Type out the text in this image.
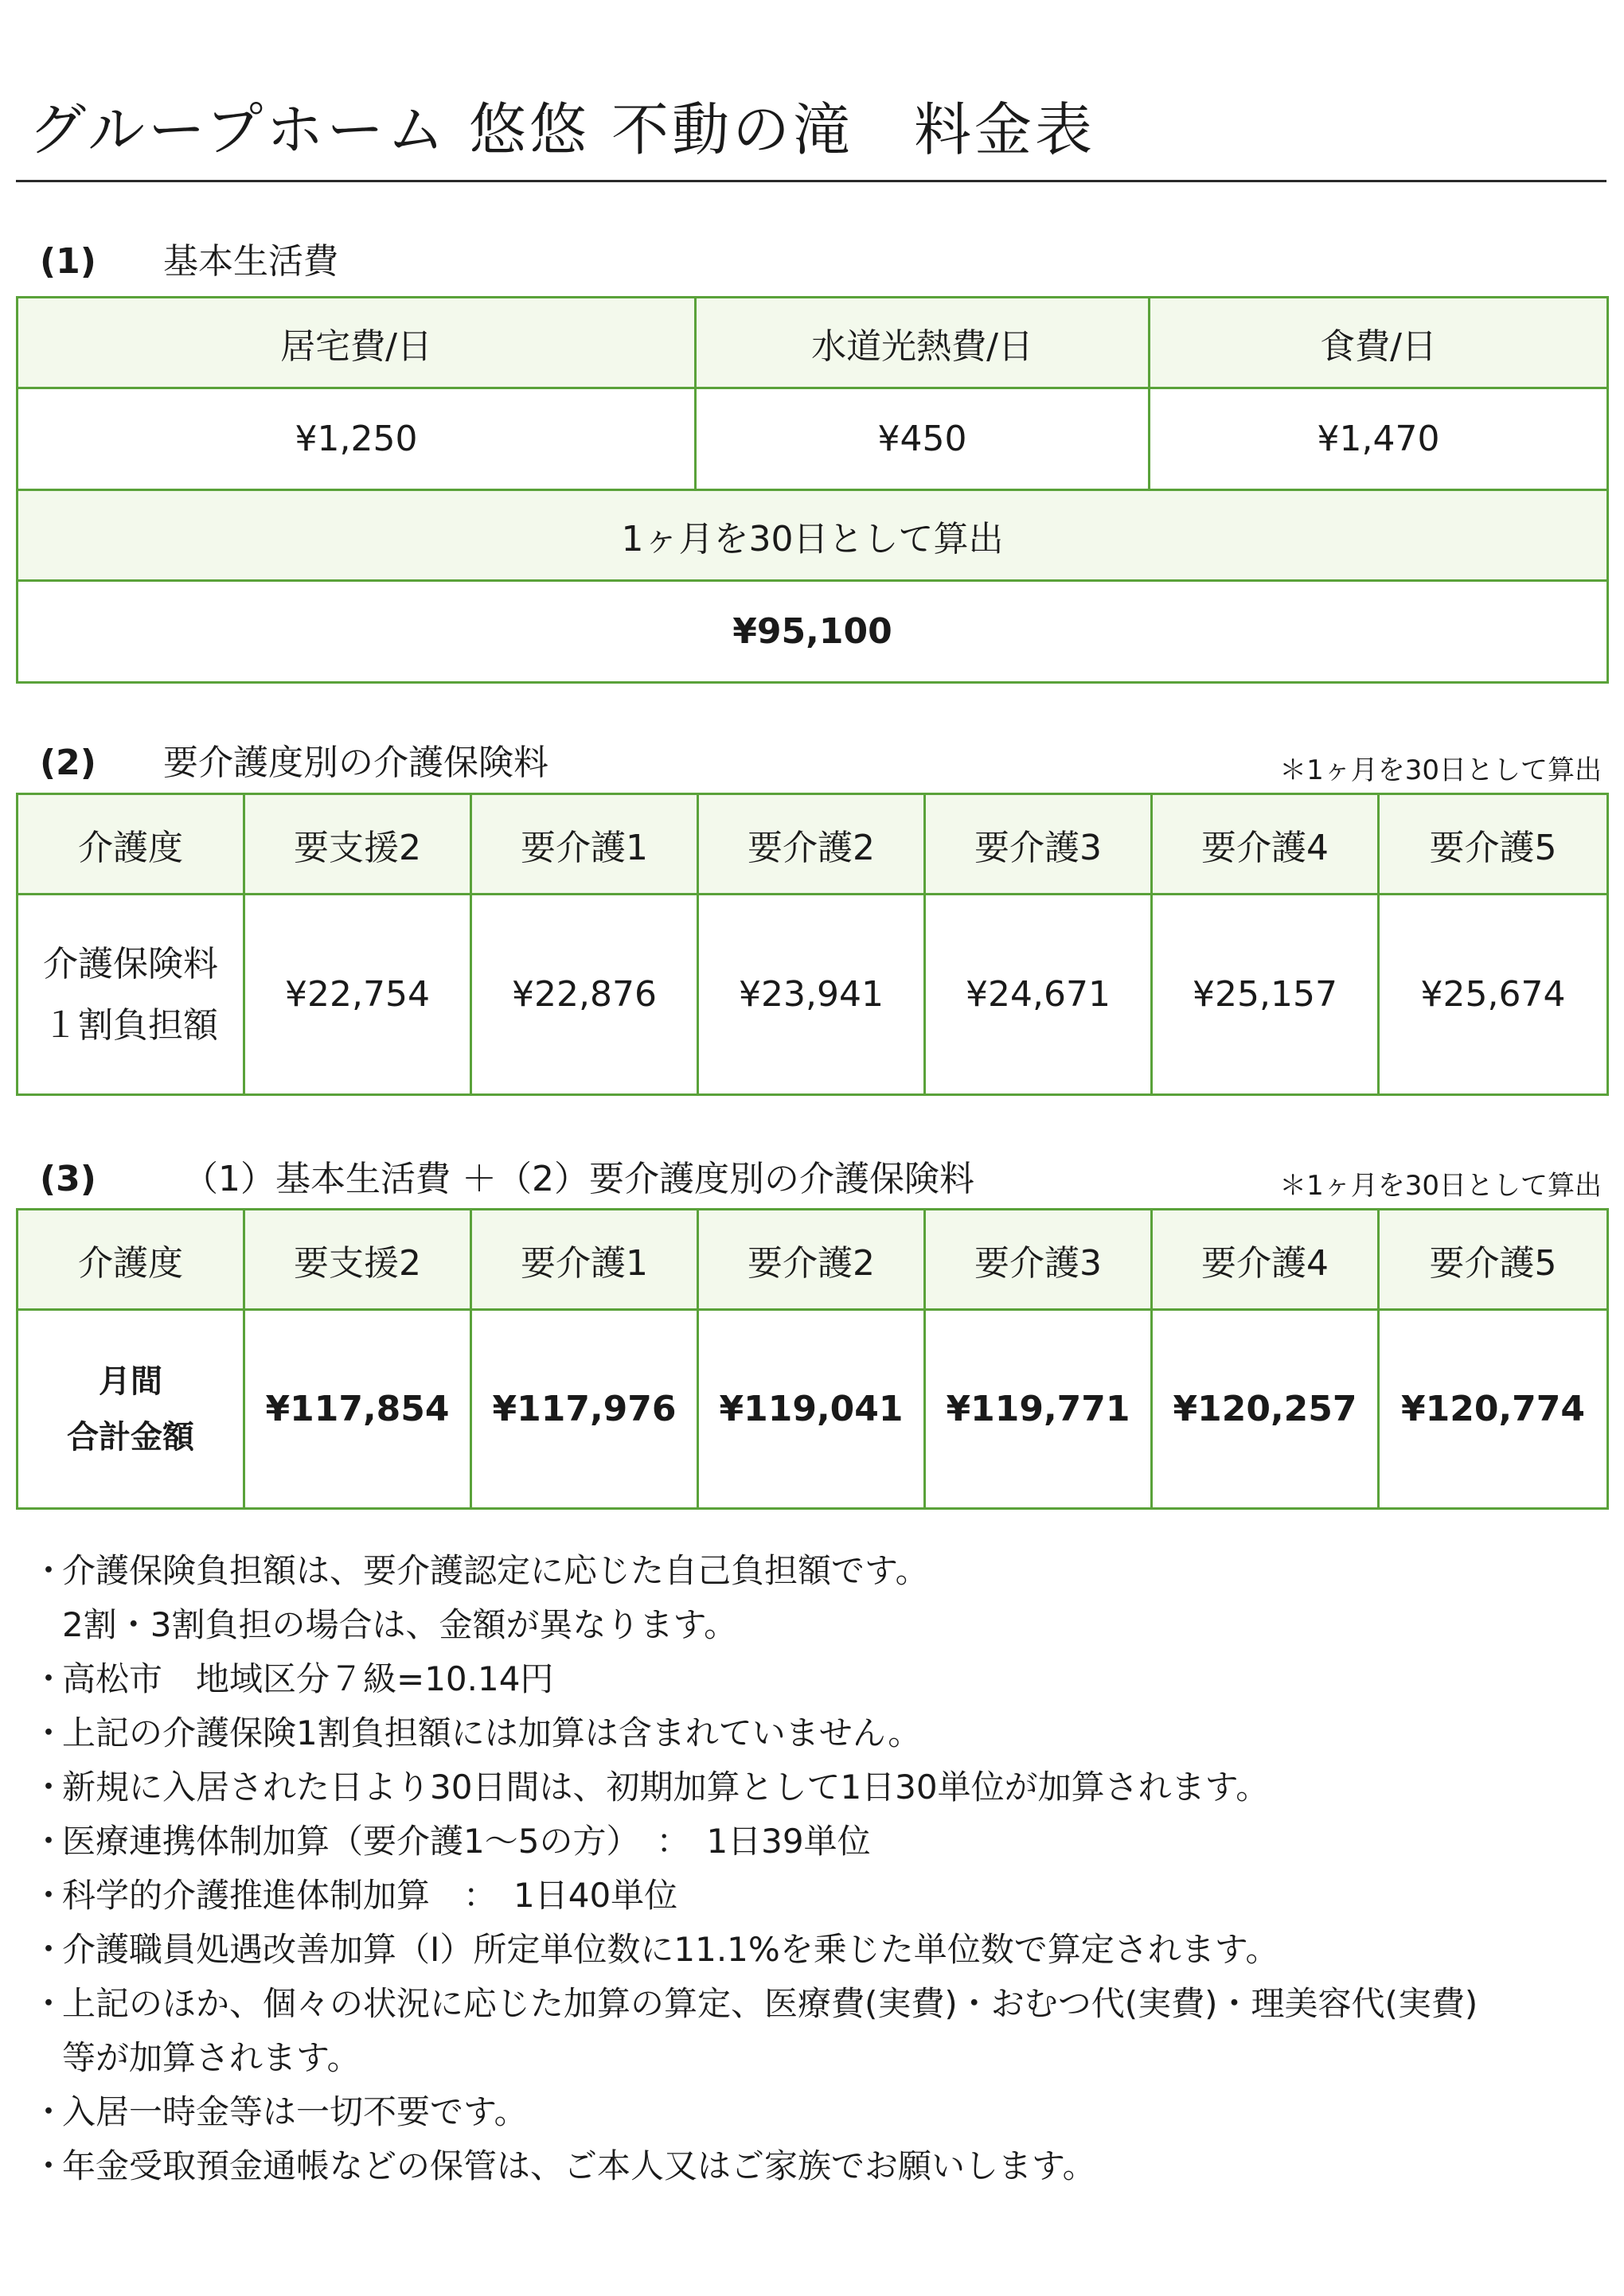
グループホーム 悠悠 不動の滝　料金表
(1)	基本生活費
居宅費/日	水道光熱費/日	食費/日
¥1,250	¥450	¥1,470
1ヶ月を30日として算出		
¥95,100		
(2)	要介護度別の介護保険料	＊1ヶ月を30日として算出
介護度	要支援2	要介護1	要介護2	要介護3	要介護4	要介護5
介護保険料
１割負担額	¥22,754	¥22,876	¥23,941	¥24,671	¥25,157	¥25,674
(3)	（1）基本生活費 ＋（2）要介護度別の介護保険料	＊1ヶ月を30日として算出
介護度	要支援2	要介護1	要介護2	要介護3	要介護4	要介護5
月間
合計金額	¥117,854	¥117,976	¥119,041	¥119,771	¥120,257	¥120,774
・
介護保険負担額は、要介護認定に応じた自己負担額です。
2割・3割負担の場合は、金額が異なります。
・
高松市　地域区分７級=10.14円
・
上記の介護保険1割負担額には加算は含まれていません。
・
新規に入居された日より30日間は、初期加算として1日30単位が加算されます。
・
医療連携体制加算（要介護1～5の方）　：　1日39単位
・
科学的介護推進体制加算　：　1日40単位
・
介護職員処遇改善加算（Ⅰ）所定単位数に11.1%を乗じた単位数で算定されます。
・
上記のほか、個々の状況に応じた加算の算定、医療費(実費)・おむつ代(実費)・理美容代(実費)
等が加算されます。
・
入居一時金等は一切不要です。
・
年金受取預金通帳などの保管は、ご本人又はご家族でお願いします。
